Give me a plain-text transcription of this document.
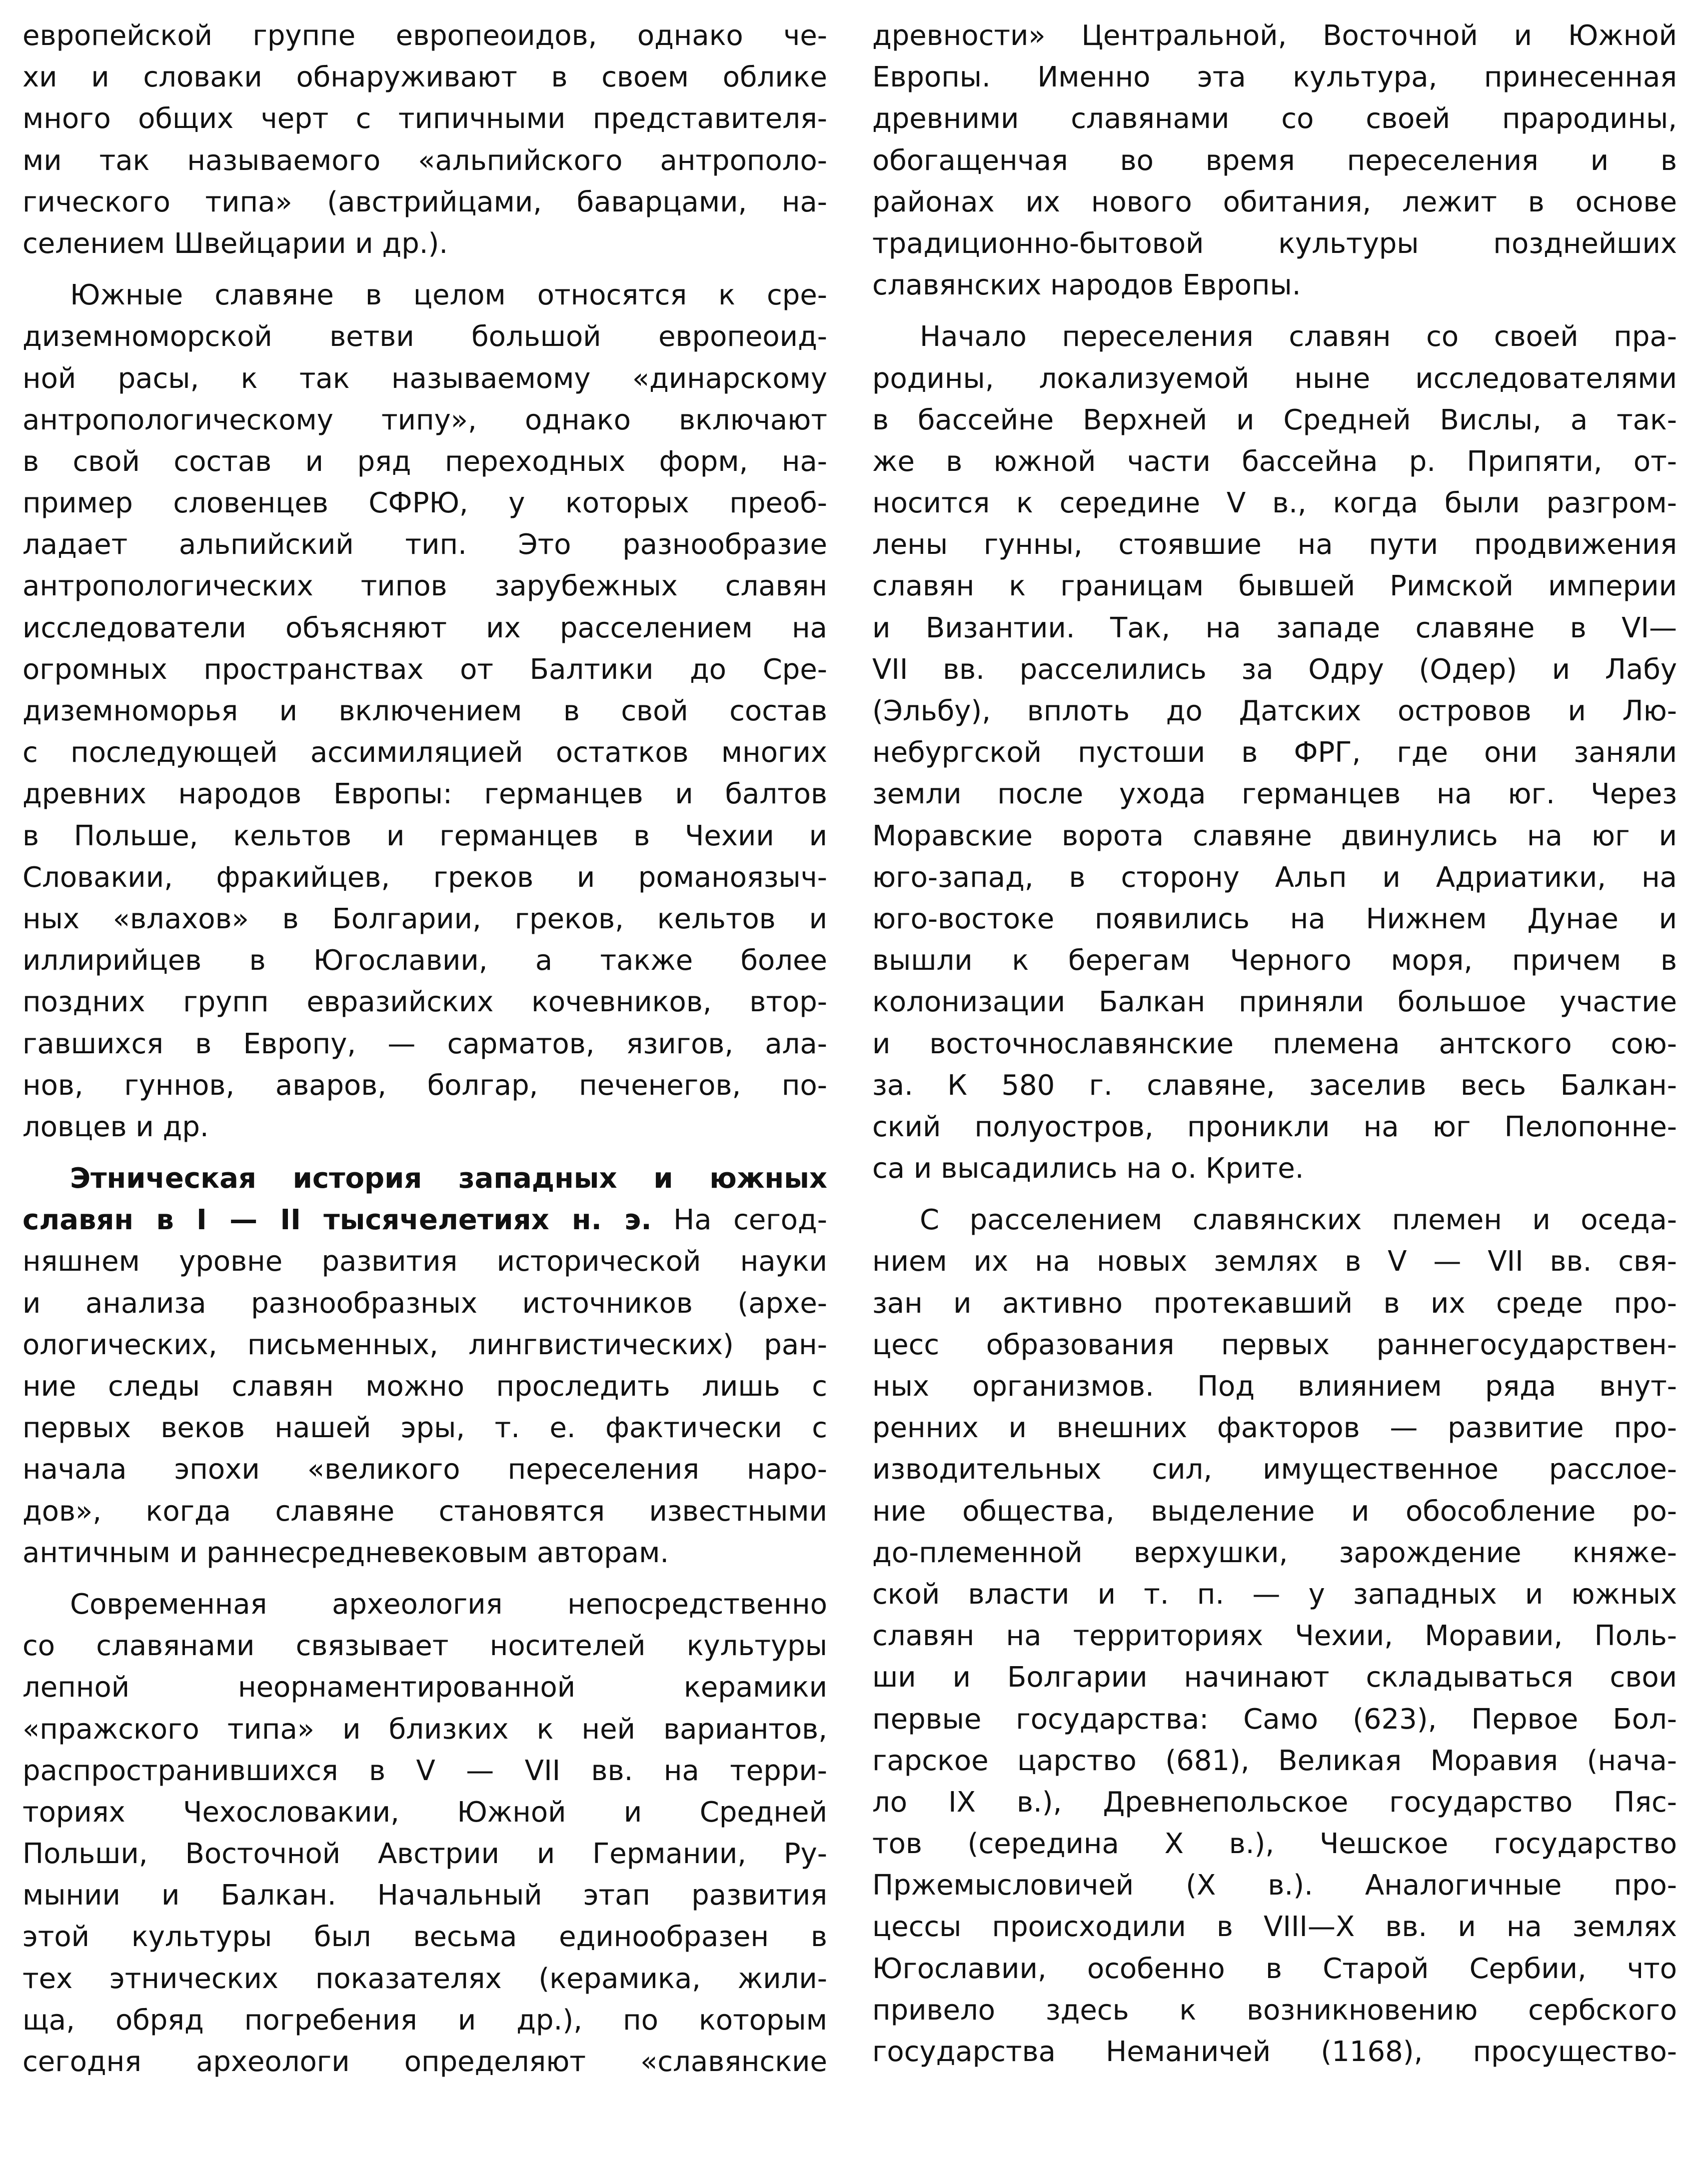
европейской группе европеоидов, однако че-
хи и словаки обнаруживают в своем облике
много общих черт с типичными представителя-
ми так называемого «альпийского антрополо-
гического типа» (австрийцами, баварцами, на-
селением Швейцарии и др.).
Южные славяне в целом относятся к сре-
диземноморской ветви большой европеоид-
ной расы, к так называемому «динарскому
антропологическому типу», однако включают
в свой состав и ряд переходных форм, на-
пример словенцев СФРЮ, у которых преоб-
ладает альпийский тип. Это разнообразие
антропологических типов зарубежных славян
исследователи объясняют их расселением на
огромных пространствах от Балтики до Сре-
диземноморья и включением в свой состав
с последующей ассимиляцией остатков многих
древних народов Европы: германцев и балтов
в Польше, кельтов и германцев в Чехии и
Словакии, фракийцев, греков и романоязыч-
ных «влахов» в Болгарии, греков, кельтов и
иллирийцев в Югославии, а также более
поздних групп евразийских кочевников, втор-
гавшихся в Европу, — сарматов, язигов, ала-
нов, гуннов, аваров, болгар, печенегов, по-
ловцев и др.
Этническая история западных и южных
славян в I — II тысячелетиях н. э. На сегод-
няшнем уровне развития исторической науки
и анализа разнообразных источников (архе-
ологических, письменных, лингвистических) ран-
ние следы славян можно проследить лишь с
первых веков нашей эры, т. е. фактически с
начала эпохи «великого переселения наро-
дов», когда славяне становятся известными
античным и раннесредневековым авторам.
Современная археология непосредственно
со славянами связывает носителей культуры
лепной неорнаментированной керамики
«пражского типа» и близких к ней вариантов,
распространившихся в V — VII вв. на терри-
ториях Чехословакии, Южной и Средней
Польши, Восточной Австрии и Германии, Ру-
мынии и Балкан. Начальный этап развития
этой культуры был весьма единообразен в
тех этнических показателях (керамика, жили-
ща, обряд погребения и др.), по которым
сегодня археологи определяют «славянские
древности» Центральной, Восточной и Южной
Европы. Именно эта культура, принесенная
древними славянами со своей прародины,
обогащенчая во время переселения и в
районах их нового обитания, лежит в основе
традиционно-бытовой культуры позднейших
славянских народов Европы.
Начало переселения славян со своей пра-
родины, локализуемой ныне исследователями
в бассейне Верхней и Средней Вислы, а так-
же в южной части бассейна р. Припяти, от-
носится к середине V в., когда были разгром-
лены гунны, стоявшие на пути продвижения
славян к границам бывшей Римской империи
и Византии. Так, на западе славяне в VI—
VII вв. расселились за Одру (Одер) и Лабу
(Эльбу), вплоть до Датских островов и Лю-
небургской пустоши в ФРГ, где они заняли
земли после ухода германцев на юг. Через
Моравские ворота славяне двинулись на юг и
юго-запад, в сторону Альп и Адриатики, на
юго-востоке появились на Нижнем Дунае и
вышли к берегам Черного моря, причем в
колонизации Балкан приняли большое участие
и восточнославянские племена антского сою-
за. К 580 г. славяне, заселив весь Балкан-
ский полуостров, проникли на юг Пелопонне-
са и высадились на о. Крите.
С расселением славянских племен и оседа-
нием их на новых землях в V — VII вв. свя-
зан и активно протекавший в их среде про-
цесс образования первых раннегосударствен-
ных организмов. Под влиянием ряда внут-
ренних и внешних факторов — развитие про-
изводительных сил, имущественное расслое-
ние общества, выделение и обособление ро-
до-племенной верхушки, зарождение княже-
ской власти и т. п. — у западных и южных
славян на территориях Чехии, Моравии, Поль-
ши и Болгарии начинают складываться свои
первые государства: Само (623), Первое Бол-
гарское царство (681), Великая Моравия (нача-
ло IX в.), Древнепольское государство Пяс-
тов (середина X в.), Чешское государство
Пржемысловичей (X в.). Аналогичные про-
цессы происходили в VIII—X вв. и на землях
Югославии, особенно в Старой Сербии, что
привело здесь к возникновению сербского
государства Неманичей (1168), просущество-
